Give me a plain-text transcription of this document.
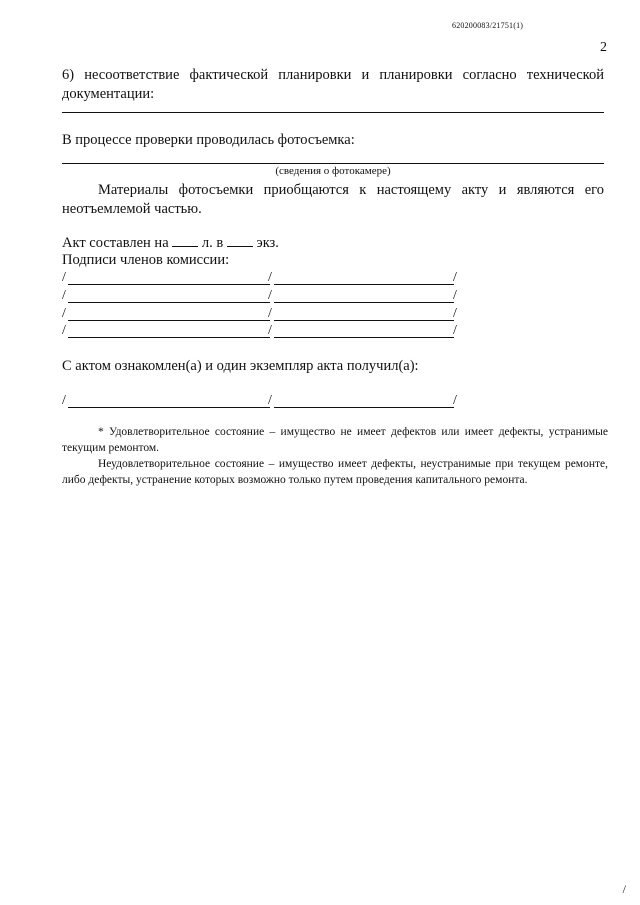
620200083/21751(1)
2
6) несоответствие фактической планировки и планировки согласно технической документации:
В процессе проверки проводилась фотосъемка:
(сведения о фотокамере)
Материалы фотосъемки приобщаются к настоящему акту и являются его неотъемлемой частью.
Акт составлен на л. в экз.
Подписи членов комиссии:
/	/	/
/	/	/
/	/	/
/	/	/
С актом ознакомлен(а) и один экземпляр акта получил(а):
/	/	/
* Удовлетворительное состояние – имущество не имеет дефектов или имеет дефекты, устранимые текущим ремонтом.
Неудовлетворительное состояние – имущество имеет дефекты, неустранимые при текущем ремонте, либо дефекты, устранение которых возможно только путем проведения капитального ремонта.
/
